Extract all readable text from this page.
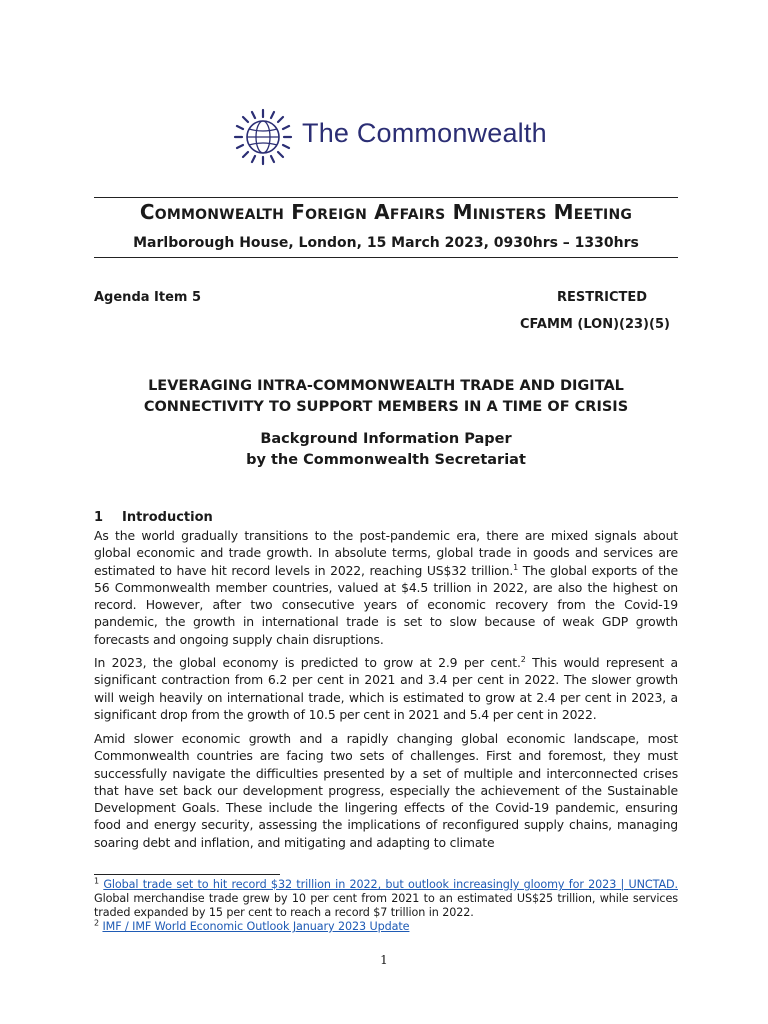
The Commonwealth
Commonwealth Foreign Affairs Ministers Meeting
Marlborough House, London, 15 March 2023, 0930hrs – 1330hrs
Agenda Item 5	RESTRICTED
CFAMM (LON)(23)(5)
LEVERAGING INTRA-COMMONWEALTH TRADE AND DIGITAL
CONNECTIVITY TO SUPPORT MEMBERS IN A TIME OF CRISIS
Background Information Paper
by the Commonwealth Secretariat
1 Introduction
As the world gradually transitions to the post-pandemic era, there are mixed signals about global economic and trade growth. In absolute terms, global trade in goods and services are estimated to have hit record levels in 2022, reaching US$32 trillion.$^1$ The global exports of the 56 Commonwealth member countries, valued at $4.5 trillion in 2022, are also the highest on record. However, after two consecutive years of economic recovery from the Covid-19 pandemic, the growth in international trade is set to slow because of weak GDP growth forecasts and ongoing supply chain disruptions.
In 2023, the global economy is predicted to grow at 2.9 per cent.$^2$ This would represent a significant contraction from 6.2 per cent in 2021 and 3.4 per cent in 2022. The slower growth will weigh heavily on international trade, which is estimated to grow at 2.4 per cent in 2023, a significant drop from the growth of 10.5 per cent in 2021 and 5.4 per cent in 2022.
Amid slower economic growth and a rapidly changing global economic landscape, most Commonwealth countries are facing two sets of challenges. First and foremost, they must successfully navigate the difficulties presented by a set of multiple and interconnected crises that have set back our development progress, especially the achievement of the Sustainable Development Goals. These include the lingering effects of the Covid-19 pandemic, ensuring food and energy security, assessing the implications of reconfigured supply chains, managing soaring debt and inflation, and mitigating and adapting to climate
$^1$ Global trade set to hit record $32 trillion in 2022, but outlook increasingly gloomy for 2023 | UNCTAD. Global merchandise trade grew by 10 per cent from 2021 to an estimated US$25 trillion, while services traded expanded by 15 per cent to reach a record $7 trillion in 2022.
$^2$ IMF / IMF World Economic Outlook January 2023 Update
1
